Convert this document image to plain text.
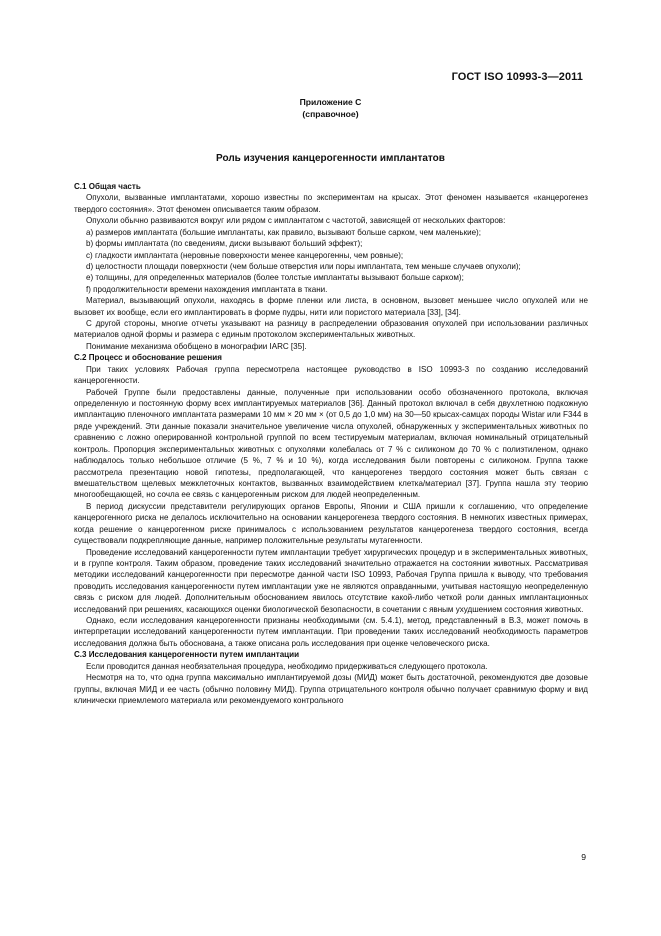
ГОСТ ISO 10993-3—2011
Приложение С
(справочное)
Роль изучения канцерогенности имплантатов
С.1 Общая часть

Опухоли, вызванные имплантатами, хорошо известны по экспериментам на крысах. Этот феномен называется «канцерогенез твердого состояния». Этот феномен описывается таким образом.

Опухоли обычно развиваются вокруг или рядом с имплантатом с частотой, зависящей от нескольких факторов:

a) размеров имплантата (большие имплантаты, как правило, вызывают больше сарком, чем маленькие);

b) формы имплантата (по сведениям, диски вызывают больший эффект);

c) гладкости имплантата (неровные поверхности менее канцерогенны, чем ровные);

d) целостности площади поверхности (чем больше отверстия или поры имплантата, тем меньше случаев опухоли);

e) толщины, для определенных материалов (более толстые имплантаты вызывают больше сарком);

f) продолжительности времени нахождения имплантата в ткани.

Материал, вызывающий опухоли, находясь в форме пленки или листа, в основном, вызовет меньшее число опухолей или не вызовет их вообще, если его имплантировать в форме пудры, нити или пористого материала [33], [34].

С другой стороны, многие отчеты указывают на разницу в распределении образования опухолей при использовании различных материалов одной формы и размера с единым протоколом экспериментальных животных.

Понимание механизма обобщено в монографии IARC [35].

С.2 Процесс и обоснование решения

При таких условиях Рабочая группа пересмотрела настоящее руководство в ISO 10993-3 по созданию исследований канцерогенности.

Рабочей Группе были предоставлены данные, полученные при использовании особо обозначенного протокола, включая определенную и постоянную форму всех имплантируемых материалов [36]. Данный протокол включал в себя двухлетнюю подкожную имплантацию пленочного имплантата размерами 10 мм × 20 мм × (от 0,5 до 1,0 мм) на 30—50 крысах-самцах породы Wistar или F344 в ряде учреждений. Эти данные показали значительное увеличение числа опухолей, обнаруженных у экспериментальных животных по сравнению с ложно оперированной контрольной группой по всем тестируемым материалам, включая номинальный отрицательный контроль. Пропорция экспериментальных животных с опухолями колебалась от 7 % с силиконом до 70 % с полиэтиленом, однако наблюдалось только небольшое отличие (5 %, 7 % и 10 %), когда исследования были повторены с силиконом. Группа также рассмотрела презентацию новой гипотезы, предполагающей, что канцерогенез твердого состояния может быть связан с вмешательством щелевых межклеточных контактов, вызванных взаимодействием клетка/материал [37]. Группа нашла эту теорию многообещающей, но сочла ее связь с канцерогенным риском для людей неопределенным.

В период дискуссии представители регулирующих органов Европы, Японии и США пришли к соглашению, что определение канцерогенного риска не делалось исключительно на основании канцерогенеза твердого состояния. В немногих известных примерах, когда решение о канцерогенном риске принималось с использованием результатов канцерогенеза твердого состояния, всегда существовали подкрепляющие данные, например положительные результаты мутагенности.

Проведение исследований канцерогенности путем имплантации требует хирургических процедур и в экспериментальных животных, и в группе контроля. Таким образом, проведение таких исследований значительно отражается на состоянии животных. Рассматривая методики исследований канцерогенности при пересмотре данной части ISO 10993, Рабочая Группа пришла к выводу, что требования проводить исследования канцерогенности путем имплантации уже не являются оправданными, учитывая настоящую неопределенную связь с риском для людей. Дополнительным обоснованием явилось отсутствие какой-либо четкой роли данных имплантационных исследований при решениях, касающихся оценки биологической безопасности, в сочетании с явным ухудшением состояния животных.

Однако, если исследования канцерогенности признаны необходимыми (см. 5.4.1), метод, представленный в В.3, может помочь в интерпретации исследований канцерогенности путем имплантации. При проведении таких исследований необходимость параметров исследования должна быть обоснована, а также описана роль исследования при оценке человеческого риска.

С.3 Исследования канцерогенности путем имплантации

Если проводится данная необязательная процедура, необходимо придерживаться следующего протокола.

Несмотря на то, что одна группа максимально имплантируемой дозы (МИД) может быть достаточной, рекомендуются две дозовые группы, включая МИД и ее часть (обычно половину МИД). Группа отрицательного контроля обычно получает сравнимую форму и вид клинически приемлемого материала или рекомендуемого контрольного

9
